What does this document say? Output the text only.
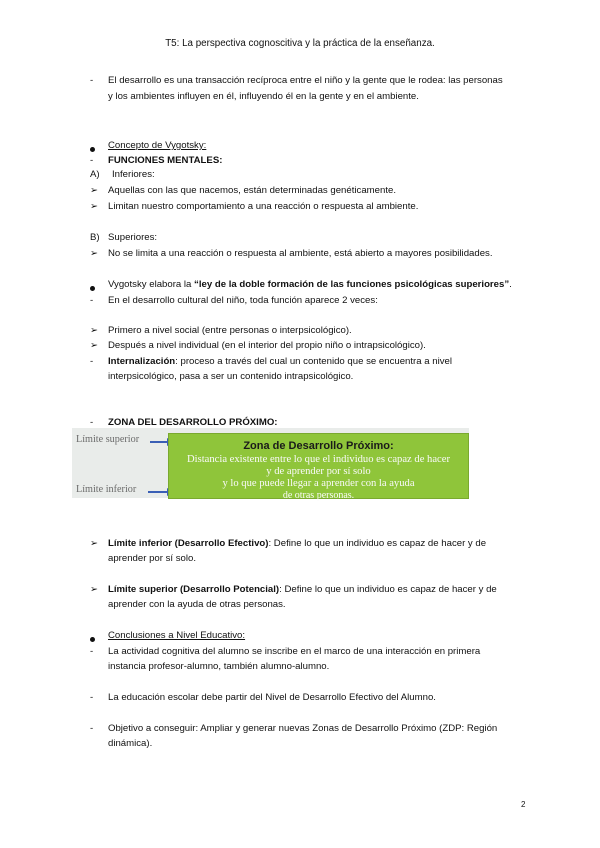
T5: La perspectiva cognoscitiva y la práctica de la enseñanza.
-	El desarrollo es una transacción recíproca entre el niño y la gente que le rodea: las personas
y los ambientes influyen en él, influyendo él en la gente y en el ambiente.
Concepto de Vygotsky:
-	FUNCIONES MENTALES:
A)	Inferiores:
➢	Aquellas con las que nacemos, están determinadas genéticamente.
➢	Limitan nuestro comportamiento a una reacción o respuesta al ambiente.
B) Superiores:
➢	No se limita a una reacción o respuesta al ambiente, está abierto a mayores posibilidades.
Vygotsky elabora la “ley de la doble formación de las funciones psicológicas superiores”.
-	En el desarrollo cultural del niño, toda función aparece 2 veces:
➢	Primero a nivel social (entre personas o interpsicológico).
➢	Después a nivel individual (en el interior del propio niño o intrapsicológico).
-	Internalización: proceso a través del cual un contenido que se encuentra a nivel
interpsicológico, pasa a ser un contenido intrapsicológico.
-	ZONA DEL DESARROLLO PRÓXIMO:
Límite superior
Límite inferior
Zona de Desarrollo Próximo:
Distancia existente entre lo que el individuo es capaz de hacer
y de aprender por sí solo
y lo que puede llegar a aprender con la ayuda
de otras personas.
➢	Límite inferior (Desarrollo Efectivo): Define lo que un individuo es capaz de hacer y de
aprender por sí solo.
➢	Límite superior (Desarrollo Potencial): Define lo que un individuo es capaz de hacer y de
aprender con la ayuda de otras personas.
Conclusiones a Nivel Educativo:
-	La actividad cognitiva del alumno se inscribe en el marco de una interacción en primera
instancia profesor-alumno, también alumno-alumno.
-	La educación escolar debe partir del Nivel de Desarrollo Efectivo del Alumno.
-	Objetivo a conseguir: Ampliar y generar nuevas Zonas de Desarrollo Próximo (ZDP: Región
dinámica).
2
